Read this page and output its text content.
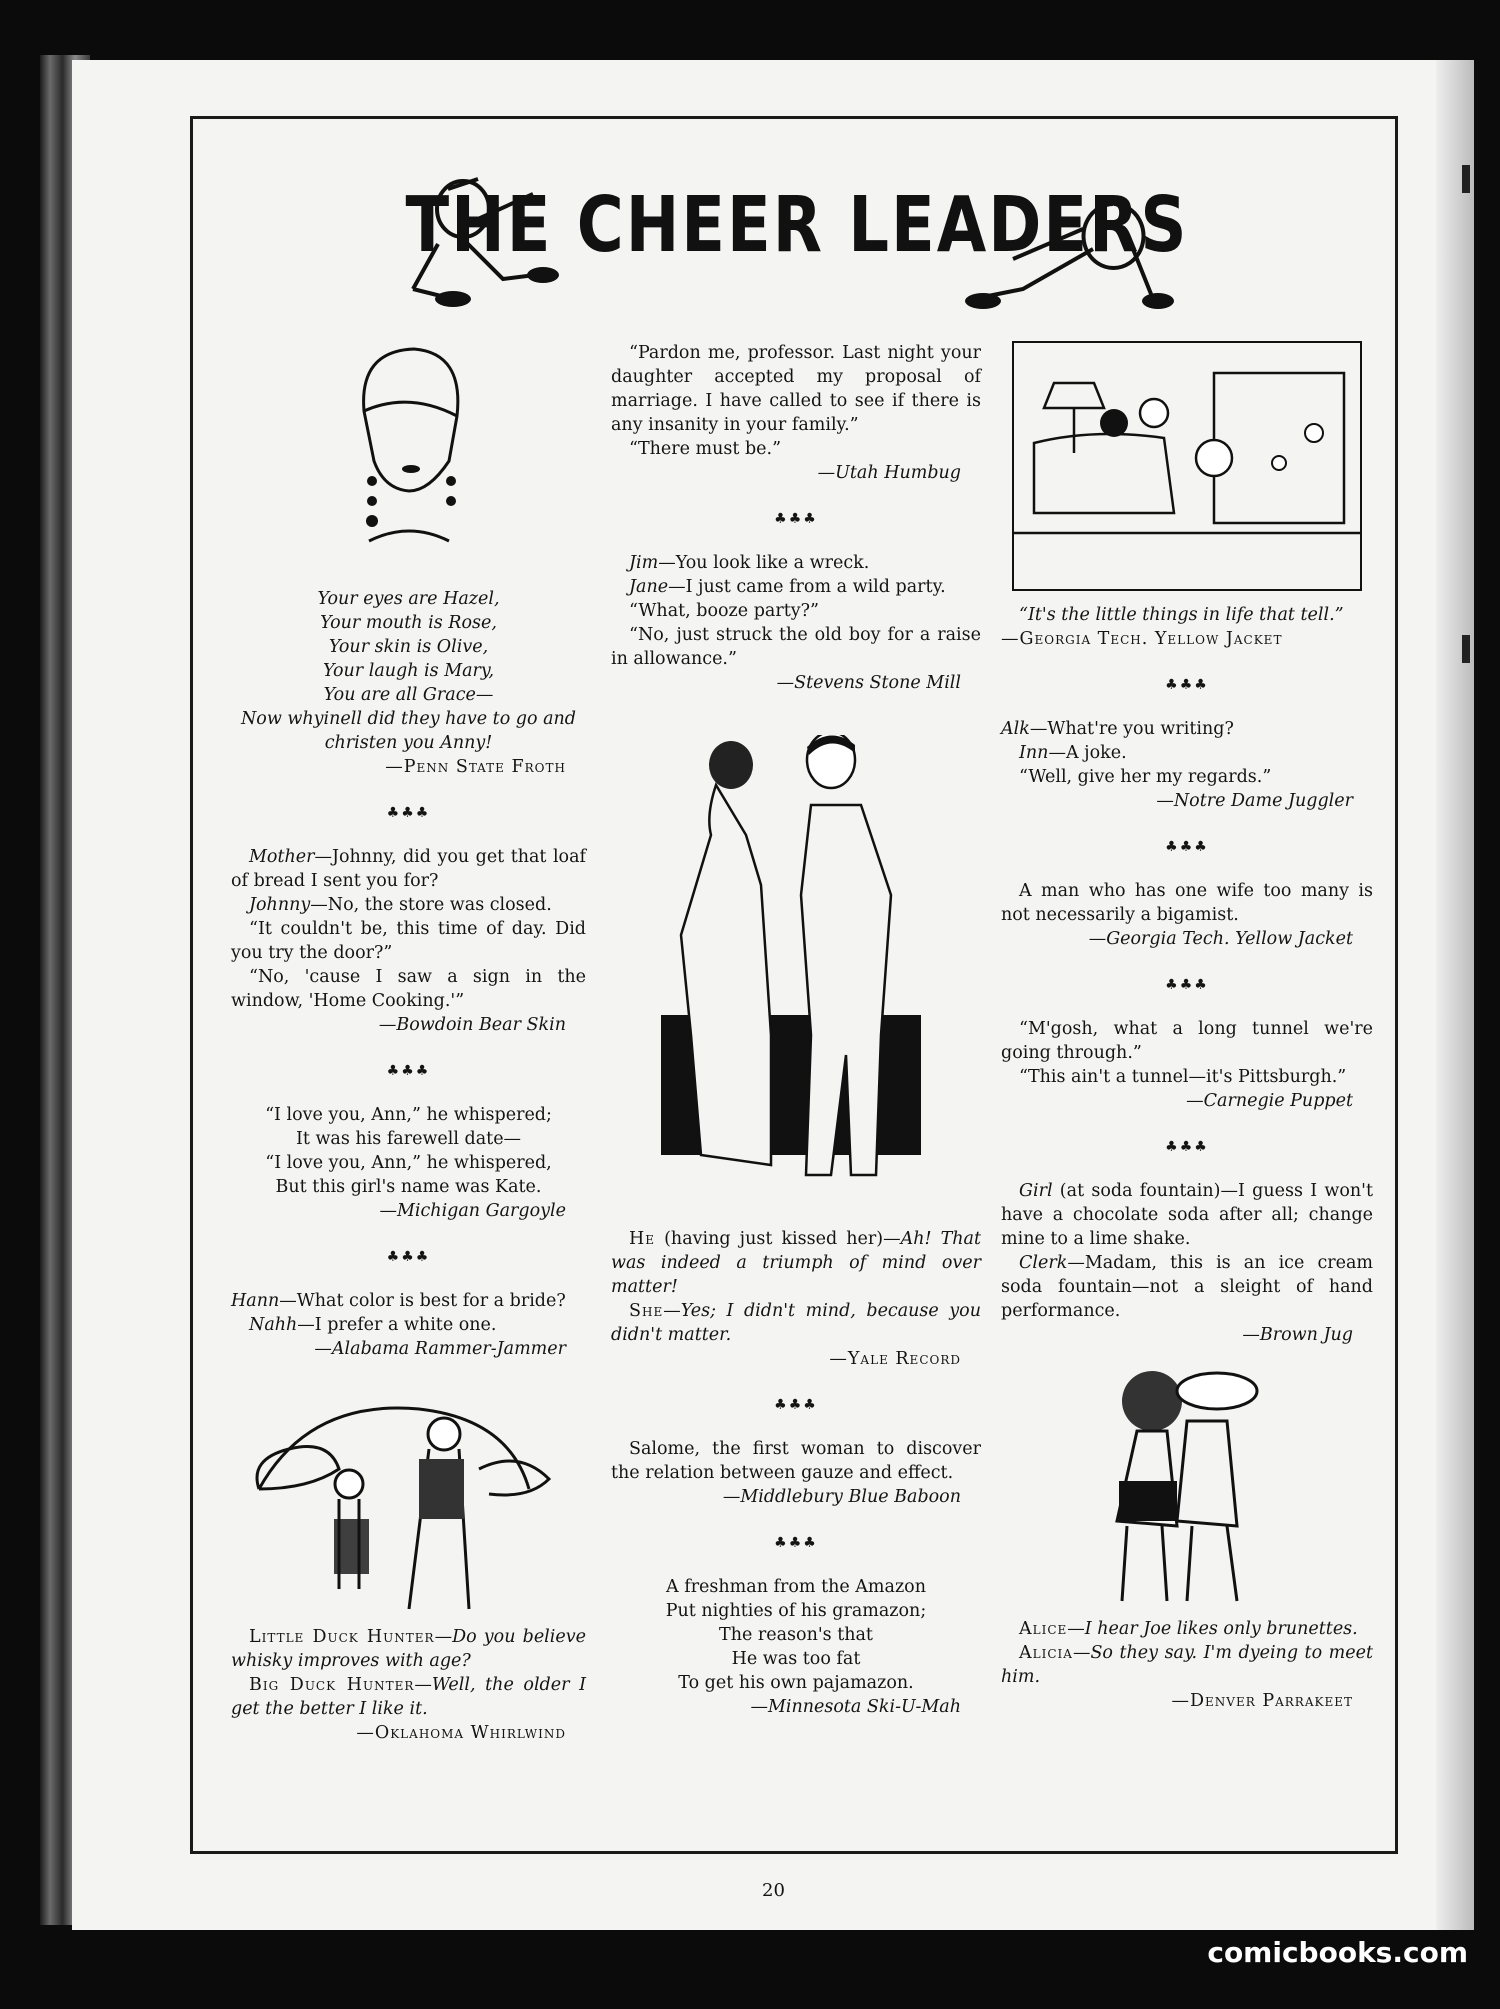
THE CHEER LEADERS

Your eyes are Hazel,

Your mouth is Rose,

Your skin is Olive,

Your laugh is Mary,

You are all Grace—

Now whyinell did they have to go and

christen you Anny!

—Penn State Froth
♣♣♣

Mother—Johnny, did you get that loaf of bread I sent you for?

Johnny—No, the store was closed.

“It couldn't be, this time of day. Did you try the door?”

“No, 'cause I saw a sign in the window, 'Home Cooking.'”

—Bowdoin Bear Skin
♣♣♣

“I love you, Ann,” he whispered;

It was his farewell date—

“I love you, Ann,” he whispered,

But this girl's name was Kate.

—Michigan Gargoyle
♣♣♣

Hann—What color is best for a bride?

Nahh—I prefer a white one.

—Alabama Rammer-Jammer

Little Duck Hunter—Do you believe whisky improves with age?

Big Duck Hunter—Well, the older I get the better I like it.

—Oklahoma Whirlwind

“Pardon me, professor. Last night your daughter accepted my proposal of marriage. I have called to see if there is any insanity in your family.”

“There must be.”

—Utah Humbug
♣♣♣

Jim—You look like a wreck.

Jane—I just came from a wild party.

“What, booze party?”

“No, just struck the old boy for a raise in allowance.”

—Stevens Stone Mill

He (having just kissed her)—Ah! That was indeed a triumph of mind over matter!

She—Yes; I didn't mind, because you didn't matter.

—Yale Record
♣♣♣

Salome, the first woman to discover the relation between gauze and effect.

—Middlebury Blue Baboon
♣♣♣

A freshman from the Amazon

Put nighties of his gramazon;

The reason's that

He was too fat

To get his own pajamazon.

—Minnesota Ski-U-Mah

“It's the little things in life that tell.”

—Georgia Tech. Yellow Jacket
♣♣♣

Alk—What're you writing?

Inn—A joke.

“Well, give her my regards.”

—Notre Dame Juggler
♣♣♣

A man who has one wife too many is not necessarily a bigamist.

—Georgia Tech. Yellow Jacket
♣♣♣

“M'gosh, what a long tunnel we're going through.”

“This ain't a tunnel—it's Pittsburgh.”

—Carnegie Puppet
♣♣♣

Girl (at soda fountain)—I guess I won't have a chocolate soda after all; change mine to a lime shake.

Clerk—Madam, this is an ice cream soda fountain—not a sleight of hand performance.

—Brown Jug

Alice—I hear Joe likes only brunettes.

Alicia—So they say. I'm dyeing to meet him.

—Denver Parrakeet
20
comicbooks.com
